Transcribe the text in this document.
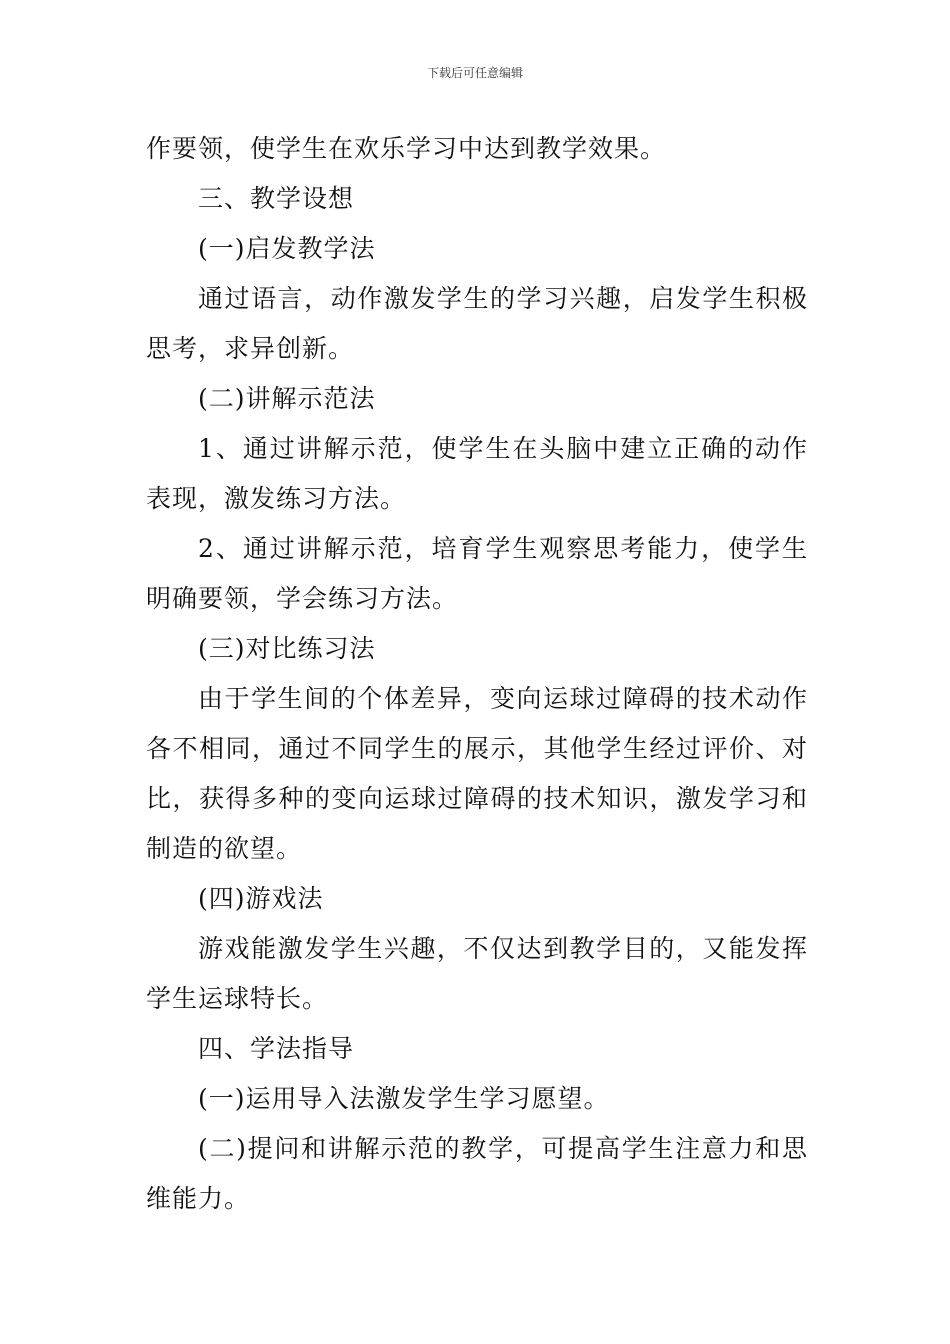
下载后可任意编辑

作要领，使学生在欢乐学习中达到教学效果。

三、教学设想

(一)启发教学法

通过语言，动作激发学生的学习兴趣，启发学生积极思考，求异创新。

(二)讲解示范法

1、通过讲解示范，使学生在头脑中建立正确的动作表现，激发练习方法。

2、通过讲解示范，培育学生观察思考能力，使学生明确要领，学会练习方法。

(三)对比练习法

由于学生间的个体差异，变向运球过障碍的技术动作各不相同，通过不同学生的展示，其他学生经过评价、对比，获得多种的变向运球过障碍的技术知识，激发学习和制造的欲望。

(四)游戏法

游戏能激发学生兴趣，不仅达到教学目的，又能发挥学生运球特长。

四、学法指导

(一)运用导入法激发学生学习愿望。

(二)提问和讲解示范的教学，可提高学生注意力和思维能力。
